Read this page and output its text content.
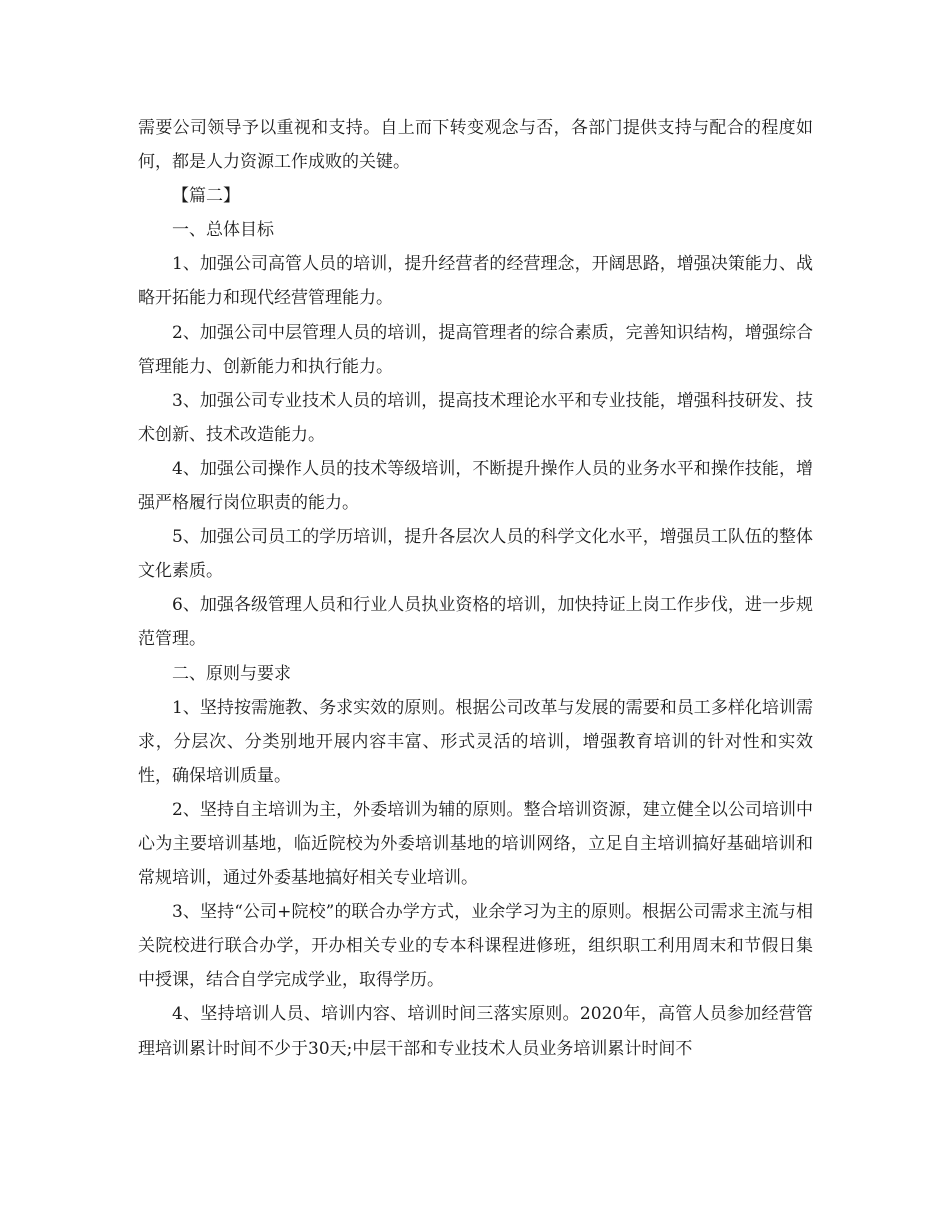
需要公司领导予以重视和支持。自上而下转变观念与否，各部门提供支持与配合的程度如何，都是人力资源工作成败的关键。

【篇二】

一、总体目标

1、加强公司高管人员的培训，提升经营者的经营理念，开阔思路，增强决策能力、战略开拓能力和现代经营管理能力。

2、加强公司中层管理人员的培训，提高管理者的综合素质，完善知识结构，增强综合管理能力、创新能力和执行能力。

3、加强公司专业技术人员的培训，提高技术理论水平和专业技能，增强科技研发、技术创新、技术改造能力。

4、加强公司操作人员的技术等级培训，不断提升操作人员的业务水平和操作技能，增强严格履行岗位职责的能力。

5、加强公司员工的学历培训，提升各层次人员的科学文化水平，增强员工队伍的整体文化素质。

6、加强各级管理人员和行业人员执业资格的培训，加快持证上岗工作步伐，进一步规范管理。

二、原则与要求

1、坚持按需施教、务求实效的原则。根据公司改革与发展的需要和员工多样化培训需求，分层次、分类别地开展内容丰富、形式灵活的培训，增强教育培训的针对性和实效性，确保培训质量。

2、坚持自主培训为主，外委培训为辅的原则。整合培训资源，建立健全以公司培训中心为主要培训基地，临近院校为外委培训基地的培训网络，立足自主培训搞好基础培训和常规培训，通过外委基地搞好相关专业培训。

3、坚持“公司+院校”的联合办学方式，业余学习为主的原则。根据公司需求主流与相关院校进行联合办学，开办相关专业的专本科课程进修班，组织职工利用周末和节假日集中授课，结合自学完成学业，取得学历。

4、坚持培训人员、培训内容、培训时间三落实原则。2020年，高管人员参加经营管理培训累计时间不少于30天;中层干部和专业技术人员业务培训累计时间不
